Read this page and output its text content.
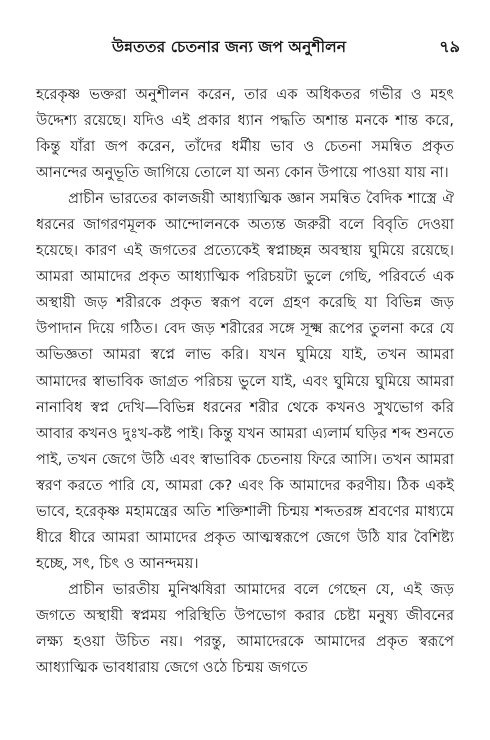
উন্নততর চেতনার জন্য জপ অনুশীলন	৭৯

হরেকৃষ্ণ ভক্তরা অনুশীলন করেন, তার এক অধিকতর গভীর ও মহৎ উদ্দেশ্য রয়েছে। যদিও এই প্রকার ধ্যান পদ্ধতি অশান্ত মনকে শান্ত করে, কিন্তু যাঁরা জপ করেন, তাঁদের ধর্মীয় ভাব ও চেতনা সমন্বিত প্রকৃত আনন্দের অনুভূতি জাগিয়ে তোলে যা অন্য কোন উপায়ে পাওয়া যায় না।

প্রাচীন ভারতের কালজয়ী আধ্যাত্মিক জ্ঞান সমন্বিত বৈদিক শাস্ত্রে ঐ ধরনের জাগরণমূলক আন্দোলনকে অত্যন্ত জরুরী বলে বিবৃতি দেওয়া হয়েছে। কারণ এই জগতের প্রত্যেকেই স্বপ্নাচ্ছন্ন অবস্থায় ঘুমিয়ে রয়েছে। আমরা আমাদের প্রকৃত আধ্যাত্মিক পরিচয়টা ভুলে গেছি, পরিবর্তে এক অস্থায়ী জড় শরীরকে প্রকৃত স্বরূপ বলে গ্রহণ করেছি যা বিভিন্ন জড় উপাদান দিয়ে গঠিত। বেদ জড় শরীরের সঙ্গে সূক্ষ্ম রূপের তুলনা করে যে অভিজ্ঞতা আমরা স্বপ্নে লাভ করি। যখন ঘুমিয়ে যাই, তখন আমরা আমাদের স্বাভাবিক জাগ্রত পরিচয় ভুলে যাই, এবং ঘুমিয়ে ঘুমিয়ে আমরা নানাবিধ স্বপ্ন দেখি—বিভিন্ন ধরনের শরীর থেকে কখনও সুখভোগ করি আবার কখনও দুঃখ-কষ্ট পাই। কিন্তু যখন আমরা এ্যলার্ম ঘড়ির শব্দ শুনতে পাই, তখন জেগে উঠি এবং স্বাভাবিক চেতনায় ফিরে আসি। তখন আমরা স্বরণ করতে পারি যে, আমরা কে? এবং কি আমাদের করণীয়। ঠিক একই ভাবে, হরেকৃষ্ণ মহামন্ত্রের অতি শক্তিশালী চিন্ময় শব্দতরঙ্গ শ্রবণের মাধ্যমে ধীরে ধীরে আমরা আমাদের প্রকৃত আত্মস্বরূপে জেগে উঠি যার বৈশিষ্ট্য হচ্ছে, সৎ, চিৎ ও আনন্দময়।

প্রাচীন ভারতীয় মুনিঋষিরা আমাদের বলে গেছেন যে, এই জড় জগতে অস্থায়ী স্বপ্নময় পরিস্থিতি উপভোগ করার চেষ্টা মনুষ্য জীবনের লক্ষ্য হওয়া উচিত নয়। পরন্তু, আমাদেরকে আমাদের প্রকৃত স্বরূপে আধ্যাত্মিক ভাবধারায় জেগে ওঠে চিন্ময় জগতে
